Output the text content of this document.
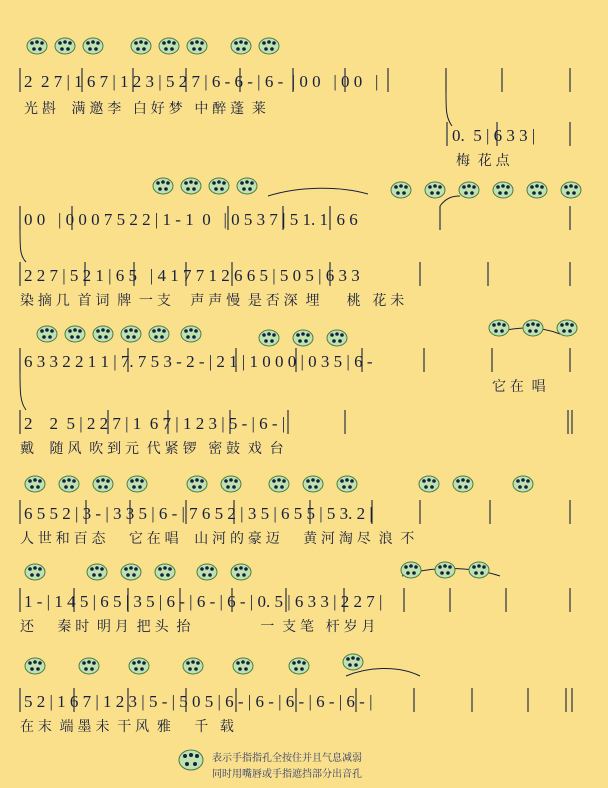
2  2 7 | 1 6 7 | 1 2 3 | 5 2 7 | 6 - 6 - | 6 -  | 0 0   | 0 0   |
光 斟    满 邀 李   白 好 梦   中 醉 蓬  莱
0.  5 | 6 3 3 |
梅  花 点
0 0   | 0 0 0 7 5 2 2 | 1 - 1  0   | 0 5 3 7 | 5 1. 1  6 6
2 2 7 | 5 2 1 | 6 5   | 4 1 7 7 1 2 6 6 5 | 5 0 5 | 6 3 3
染 摘 几  首 词  牌  一 支     声 声 慢  是 否 深  埋       桃   花 未
6 3 3 2 2 1 1 | 7. 7 5 3 - 2 - | 2 1 | 1 0 0 0 | 0 3 5 | 6 -
它 在  唱
2    2  5 | 2 2 7 | 1  6 7 | 1 2 3 | 5 - | 6 - |
戴    随 风  吹 到 元  代 紧 锣   密 鼓  戏  台
6 5 5 2 | 3 - | 3 3 5 | 6 - | 7 6 5 2 | 3 5 | 6 5 5 | 5 3. 2 |
人 世 和 百 态      它 在 唱    山 河 的 豪 迈      黄 河 淘 尽  浪  不
1 - | 1 4 5 | 6 5 | 3 5 | 6 - | 6 - | 6 - | 0. 5 | 6 3 3 | 2 2 7 |
还      秦 时  明 月  把 头  抬                  一  支 笔   杆 岁 月
5 2 | 1 6 7 | 1 2 3 | 5 - | 5 0 5 | 6 - | 6 - | 6 - | 6 - | 6 - |
在 末  端 墨 未  干 风  雅      千   载
表示手指指孔全按住并且气息减弱
同时用嘴唇或手指遮挡部分出音孔
